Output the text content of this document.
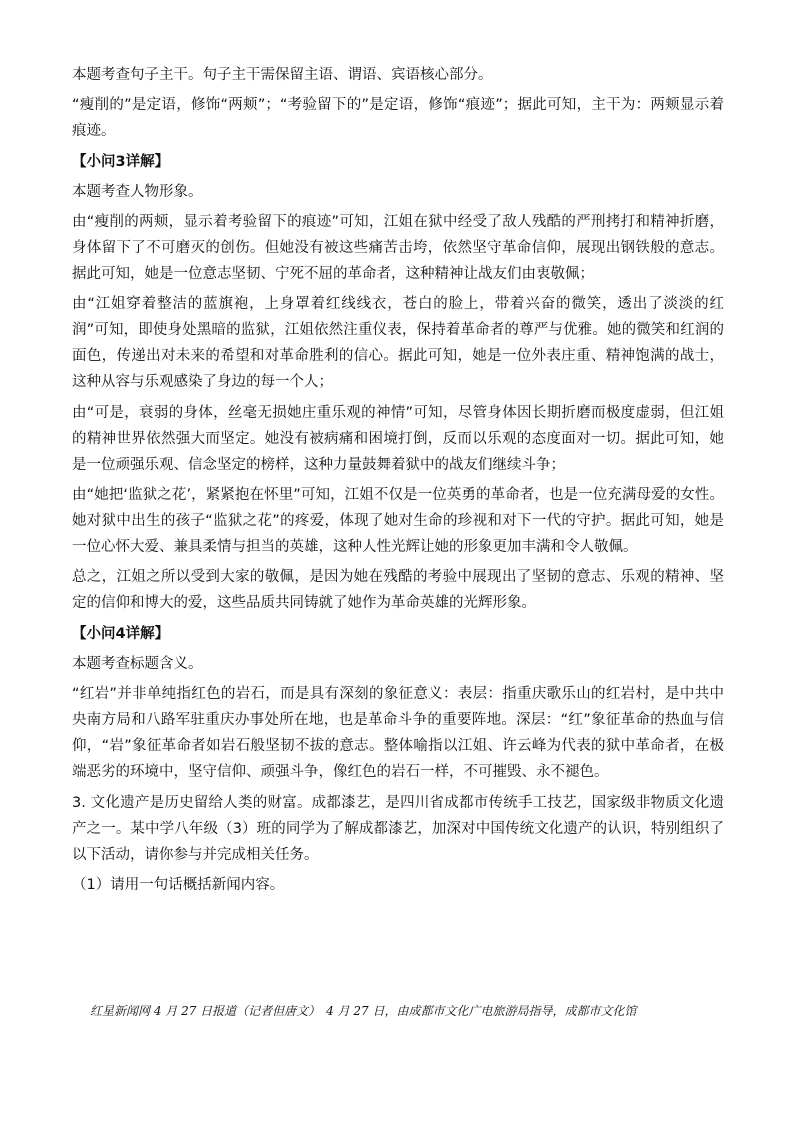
本题考查句子主干。句子主干需保留主语、谓语、宾语核心部分。

“瘦削的”是定语，修饰“两颊”；“考验留下的”是定语，修饰“痕迹”；据此可知，主干为：两颊显示着痕迹。

【小问3详解】

本题考查人物形象。

由“瘦削的两颊，显示着考验留下的痕迹”可知，江姐在狱中经受了敌人残酷的严刑拷打和精神折磨，身体留下了不可磨灭的创伤。但她没有被这些痛苦击垮，依然坚守革命信仰，展现出钢铁般的意志。据此可知，她是一位意志坚韧、宁死不屈的革命者，这种精神让战友们由衷敬佩；

由“江姐穿着整洁的蓝旗袍，上身罩着红线线衣，苍白的脸上，带着兴奋的微笑，透出了淡淡的红润”可知，即使身处黑暗的监狱，江姐依然注重仪表，保持着革命者的尊严与优雅。她的微笑和红润的面色，传递出对未来的希望和对革命胜利的信心。据此可知，她是一位外表庄重、精神饱满的战士，这种从容与乐观感染了身边的每一个人；

由“可是，衰弱的身体，丝毫无损她庄重乐观的神情”可知，尽管身体因长期折磨而极度虚弱，但江姐的精神世界依然强大而坚定。她没有被病痛和困境打倒，反而以乐观的态度面对一切。据此可知，她是一位顽强乐观、信念坚定的榜样，这种力量鼓舞着狱中的战友们继续斗争；

由“她把‘监狱之花’，紧紧抱在怀里”可知，江姐不仅是一位英勇的革命者，也是一位充满母爱的女性。她对狱中出生的孩子“监狱之花”的疼爱，体现了她对生命的珍视和对下一代的守护。据此可知，她是一位心怀大爱、兼具柔情与担当的英雄，这种人性光辉让她的形象更加丰满和令人敬佩。

总之，江姐之所以受到大家的敬佩，是因为她在残酷的考验中展现出了坚韧的意志、乐观的精神、坚定的信仰和博大的爱，这些品质共同铸就了她作为革命英雄的光辉形象。

【小问4详解】

本题考查标题含义。

“红岩”并非单纯指红色的岩石，而是具有深刻的象征意义：表层：指重庆歌乐山的红岩村，是中共中央南方局和八路军驻重庆办事处所在地，也是革命斗争的重要阵地。深层：“红”象征革命的热血与信仰，“岩”象征革命者如岩石般坚韧不拔的意志。整体喻指以江姐、许云峰为代表的狱中革命者，在极端恶劣的环境中，坚守信仰、顽强斗争，像红色的岩石一样，不可摧毁、永不褪色。

3. 文化遗产是历史留给人类的财富。成都漆艺，是四川省成都市传统手工技艺，国家级非物质文化遗产之一。某中学八年级（3）班的同学为了解成都漆艺，加深对中国传统文化遗产的认识，特别组织了以下活动，请你参与并完成相关任务。

（1）请用一句话概括新闻内容。

红星新闻网 4 月 27 日报道（记者但唐文）　4 月 27 日，由成都市文化广电旅游局指导，成都市文化馆
